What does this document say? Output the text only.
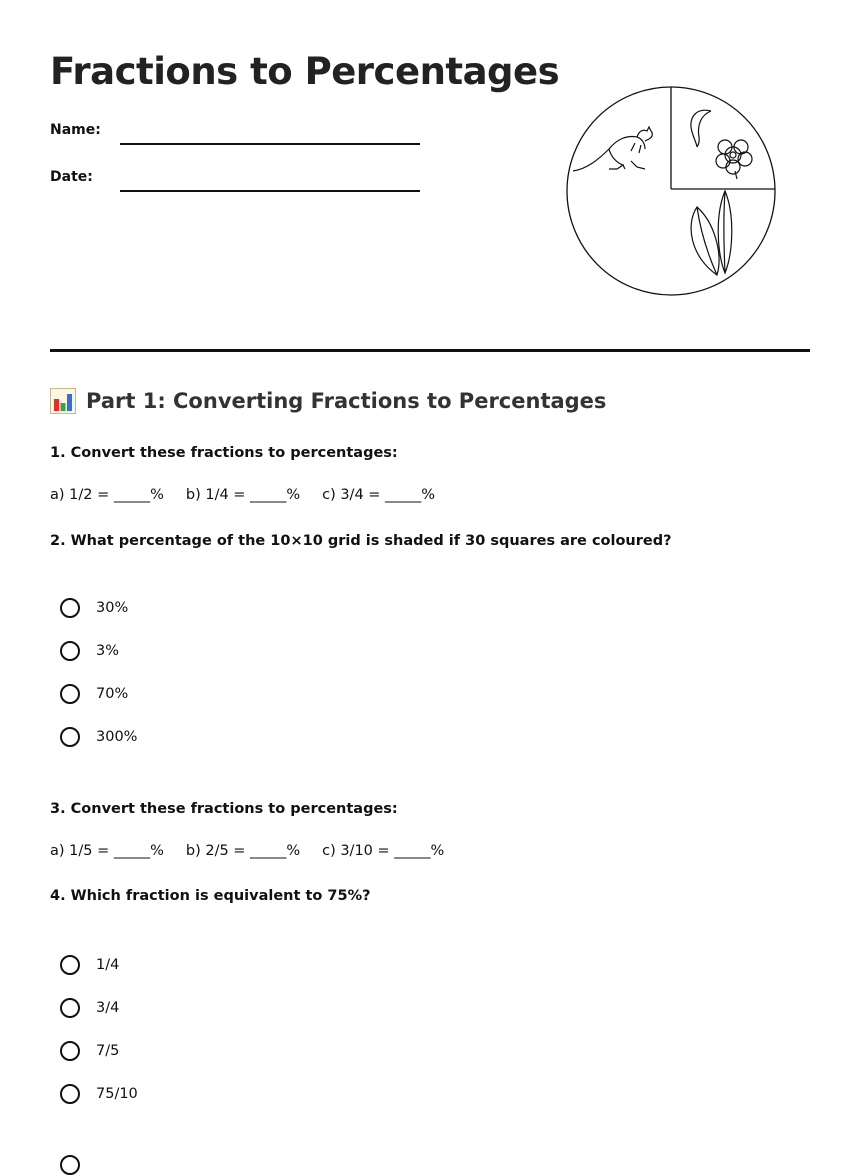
Fractions to Percentages
Name:
Date:
Part 1: Converting Fractions to Percentages

1. Convert these fractions to percentages:

a) 1/2 = _____% b) 1/4 = _____% c) 3/4 = _____%

2. What percentage of the 10×10 grid is shaded if 30 squares are coloured?

30%
3%
70%
300%

3. Convert these fractions to percentages:

a) 1/5 = _____% b) 2/5 = _____% c) 3/10 = _____%

4. Which fraction is equivalent to 75%?

1/4
3/4
7/5
75/10
